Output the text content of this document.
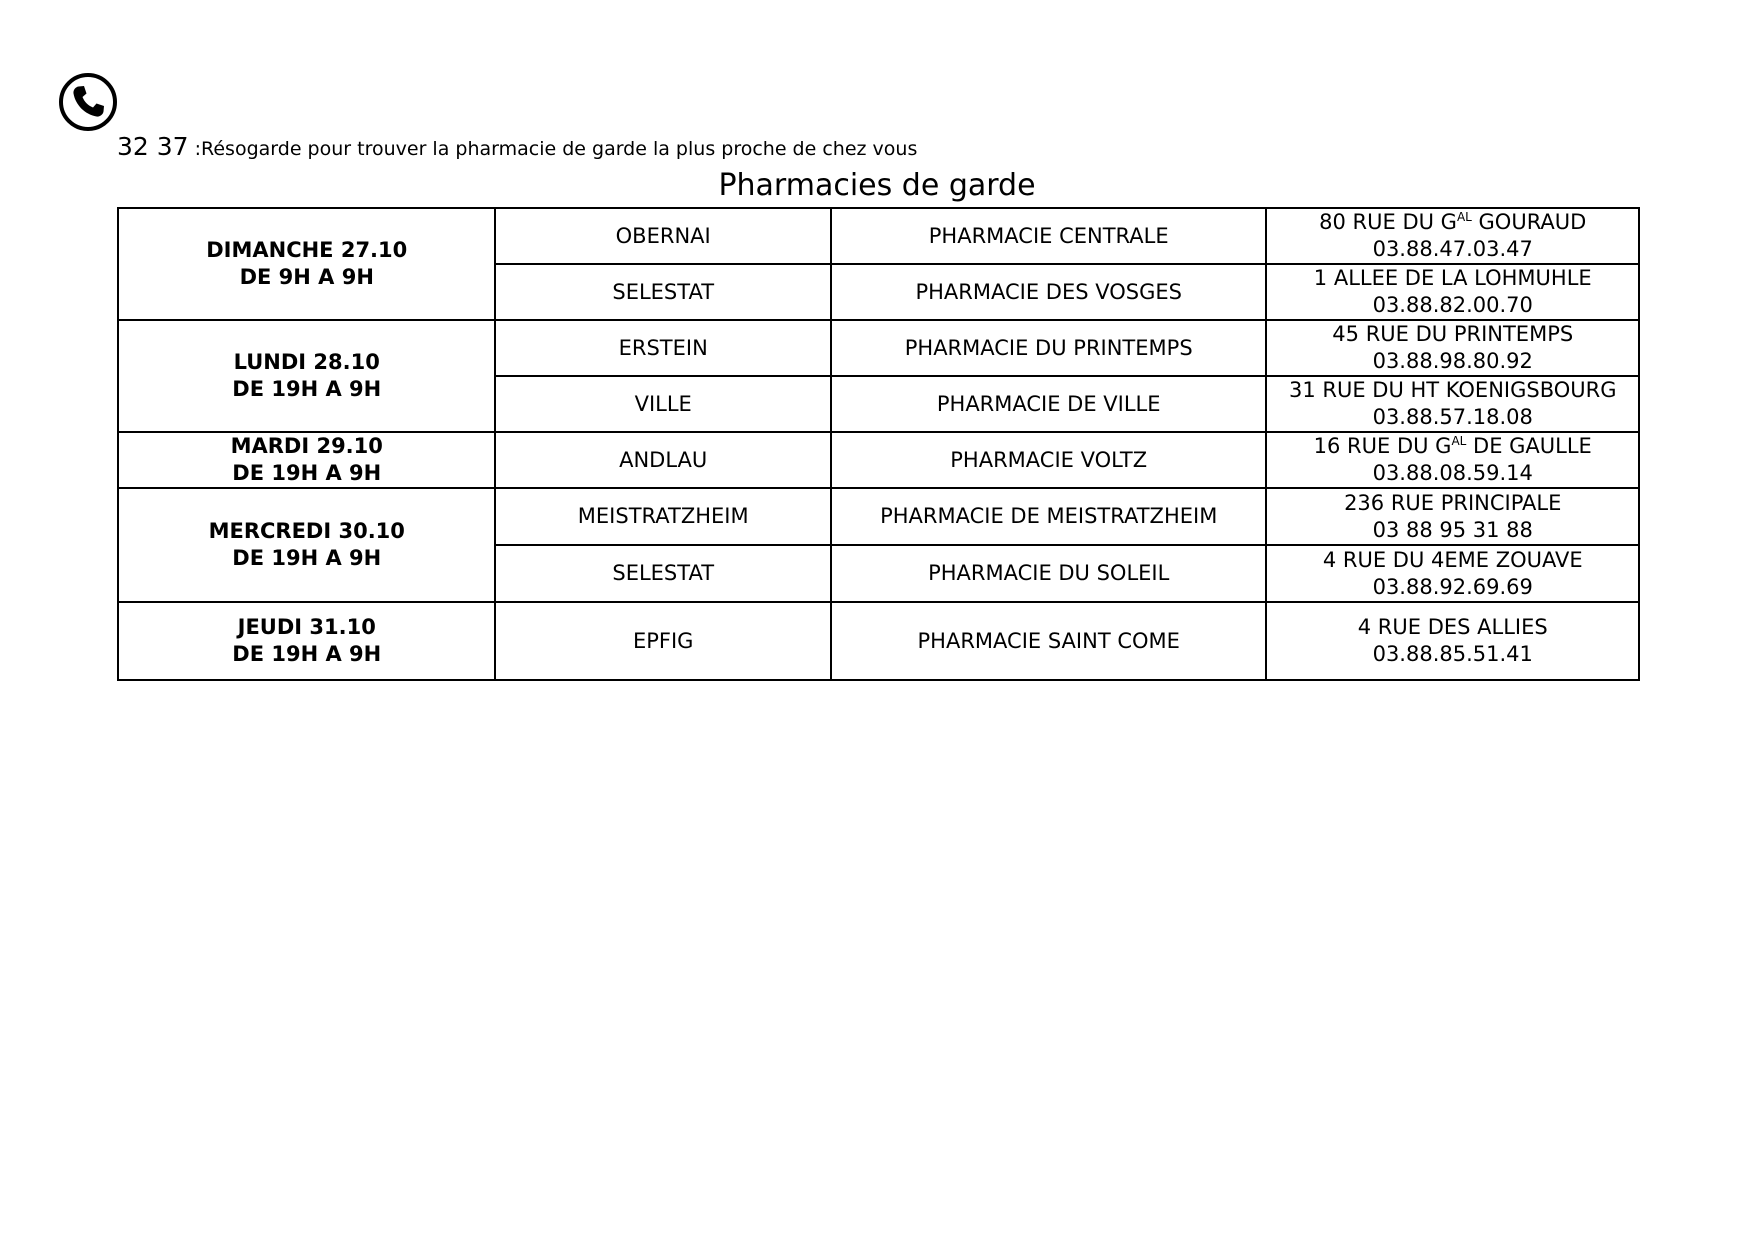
32 37 :Résogarde pour trouver la pharmacie de garde la plus proche de chez vous
Pharmacies de garde
DIMANCHE 27.10
DE 9H A 9H	OBERNAI	PHARMACIE CENTRALE	80 RUE DU $G^{AL}$ GOURAUD
03.88.47.03.47
	SELESTAT	PHARMACIE DES VOSGES	1 ALLEE DE LA LOHMUHLE
03.88.82.00.70
LUNDI 28.10
DE 19H A 9H	ERSTEIN	PHARMACIE DU PRINTEMPS	45 RUE DU PRINTEMPS
03.88.98.80.92
	VILLE	PHARMACIE DE VILLE	31 RUE DU HT KOENIGSBOURG
03.88.57.18.08
MARDI 29.10
DE 19H A 9H	ANDLAU	PHARMACIE VOLTZ	16 RUE DU $G^{AL}$ DE GAULLE
03.88.08.59.14
MERCREDI 30.10
DE 19H A 9H	MEISTRATZHEIM	PHARMACIE DE MEISTRATZHEIM	236 RUE PRINCIPALE
03 88 95 31 88
	SELESTAT	PHARMACIE DU SOLEIL	4 RUE DU 4EME ZOUAVE
03.88.92.69.69
JEUDI 31.10
DE 19H A 9H	EPFIG	PHARMACIE SAINT COME	4 RUE DES ALLIES
03.88.85.51.41
